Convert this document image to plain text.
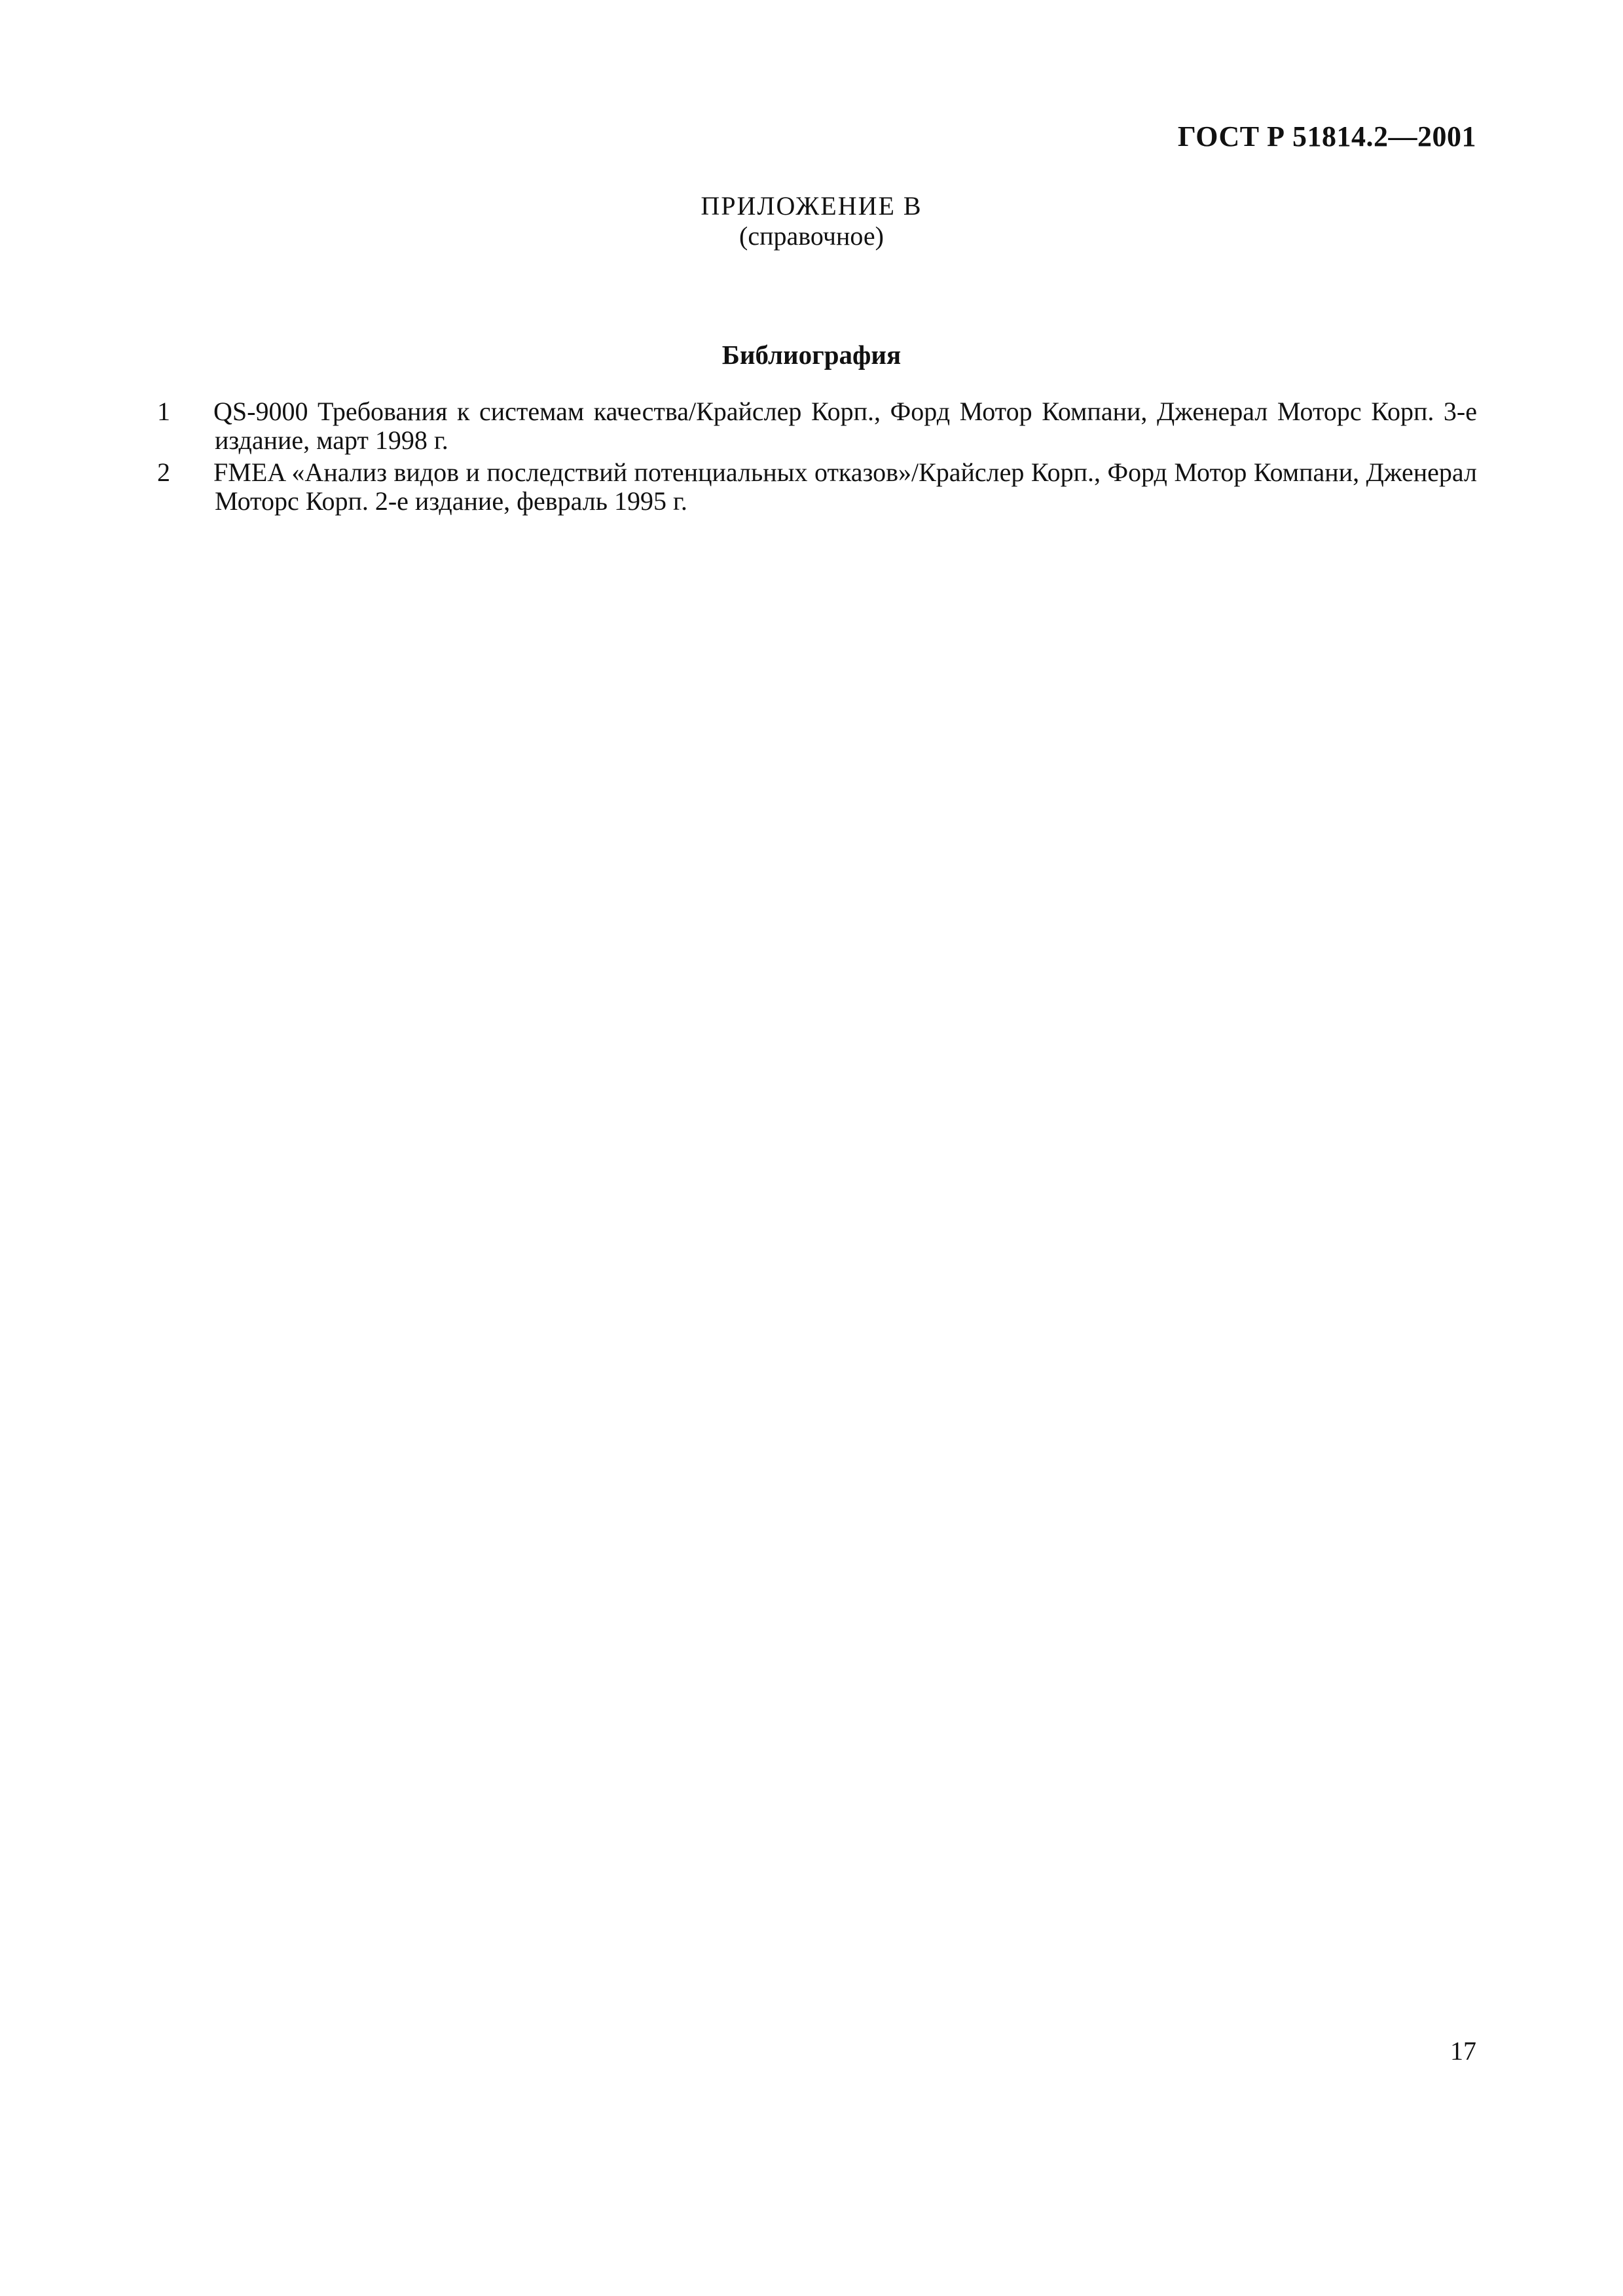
ГОСТ Р 51814.2—2001
ПРИЛОЖЕНИЕ В
(справочное)
Библиография
1	QS-9000 Требования к системам качества/Крайслер Корп., Форд Мотор Компани, Дженерал Моторс Корп. 3-е издание, март 1998 г.
2	FMEA «Анализ видов и последствий потенциальных отказов»/Крайслер Корп., Форд Мотор Компани, Дженерал Моторс Корп. 2-е издание, февраль 1995 г.
17
